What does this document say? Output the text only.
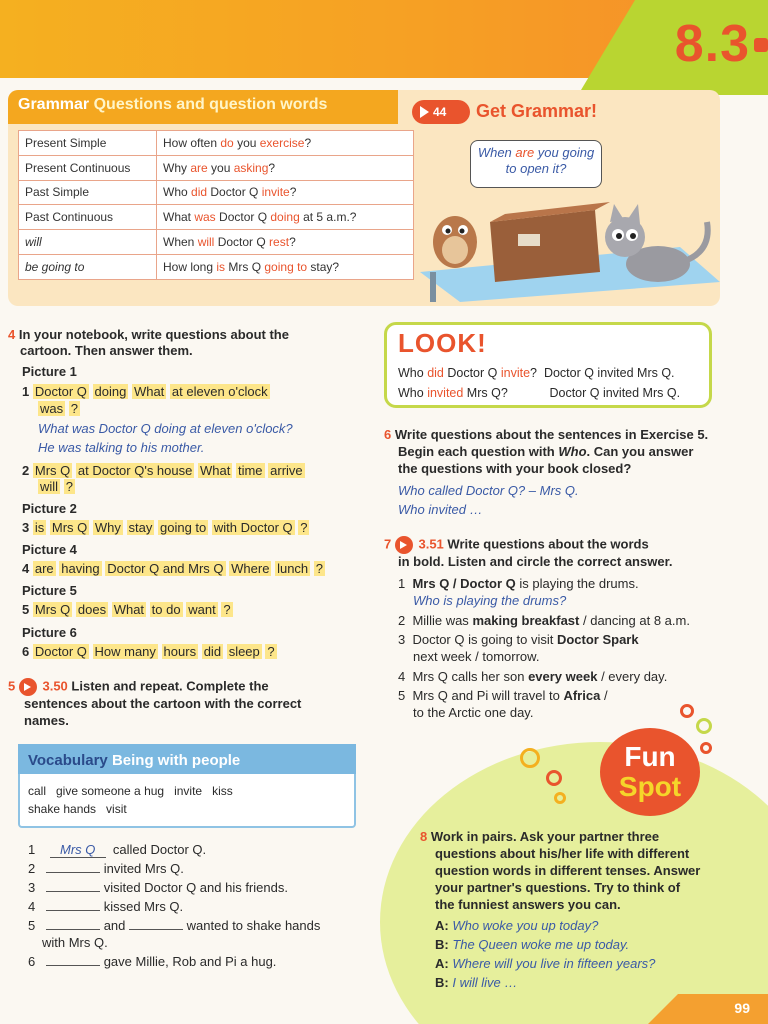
8.3
Grammar Questions and question words	44 Get Grammar!
Present Simple	How often do you exercise?
Present Continuous	Why are you asking?
Past Simple	Who did Doctor Q invite?
Past Continuous	What was Doctor Q doing at 5 a.m.?
will	When will Doctor Q rest?
be going to	How long is Mrs Q going to stay?
When are you going to open it?
4 In your notebook, write questions about the
cartoon. Then answer them.
Picture 1
1 Doctor Q doing What at eleven o'clock
was ?
What was Doctor Q doing at eleven o'clock?
He was talking to his mother.
2 Mrs Q at Doctor Q's house What time arrive
will ?
Picture 2
3 is Mrs Q Why stay going to with Doctor Q ?
Picture 4
4 are having Doctor Q and Mrs Q Where lunch ?
Picture 5
5 Mrs Q does What to do want ?
Picture 6
6 Doctor Q How many hours did sleep ?
5 3.50 Listen and repeat. Complete the
sentences about the cartoon with the correct
names.
Vocabulary Being with people
call   give someone a hug   invite   kiss
shake hands   visit
1 Mrs Q called Doctor Q.
2	invited Mrs Q.
3	visited Doctor Q and his friends.
4	kissed Mrs Q.
5	and	wanted to shake hands
with Mrs Q.
6	gave Millie, Rob and Pi a hug.
LOOK!
Who did Doctor Q invite? Doctor Q invited Mrs Q.
Who invited Mrs Q?	Doctor Q invited Mrs Q.
6 Write questions about the sentences in Exercise 5.
Begin each question with Who. Can you answer
the questions with your book closed?
Who called Doctor Q? – Mrs Q.
Who invited …
7 3.51 Write questions about the words
in bold. Listen and circle the correct answer.
1 Mrs Q / Doctor Q is playing the drums.
Who is playing the drums?
2 Millie was making breakfast / dancing at 8 a.m.
3 Doctor Q is going to visit Doctor Spark
next week / tomorrow.
4 Mrs Q calls her son every week / every day.
5 Mrs Q and Pi will travel to Africa /
to the Arctic one day.
Fun
Spot
8 Work in pairs. Ask your partner three
questions about his/her life with different
question words in different tenses. Answer
your partner's questions. Try to think of
the funniest answers you can.
A: Who woke you up today?
B: The Queen woke me up today.
A: Where will you live in fifteen years?
B: I will live …
99
